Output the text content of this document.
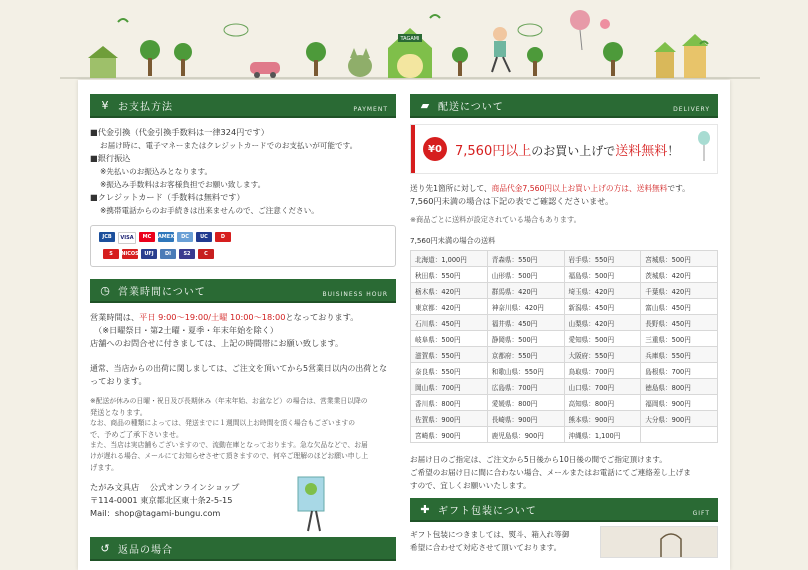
TAGAMI
¥ お支払方法	PAYMENT
■代金引換（代金引換手数料は一律324円です）
お届け時に、電子マネーまたはクレジットカードでのお支払いが可能です。
■銀行振込
※先払いのお振込みとなります。
※振込み手数料はお客様負担でお願い致します。
■クレジットカード（手数料は無料です）
※携帯電話からのお手続きは出来ませんので、ご注意ください。
JCB	VISA	MC	AMEX	DC	UC	D
S	NICOS	UFJ	DI	S2	C
◷ 営業時間について	BUISINESS HOUR
営業時間は、平日 9:00～19:00/土曜 10:00～18:00となっております。
（※日曜祭日・第2土曜・夏季・年末年始を除く）
店舗へのお問合せに付きましては、上記の時間帯にお願い致します。
通常、当店からの出荷に関しましては、ご注文を頂いてから5営業日以内の出荷とな
っております。
※配送が休みの日曜・祝日及び長期休み（年末年始、お盆など）の場合は、営業業日以降の
発送となります。
なお、商品の種類によっては、発送までに１週間以上お時間を頂く場合もございますの
で、予めご了承下さいませ。
また、当店は実店舗もございますので、流動在庫となっております。急な欠品などで、お届
けが遅れる場合、メールにてお知らせさせて頂きますので、何卒ご理解のほどお願い申し上
げます。
たがみ文具店　 公式オンラインショップ
〒114-0001 東京都北区東十条2-5-15
Mail：shop@tagami-bungu.com
↺ 返品の場合
▰ 配送について	DELIVERY
¥0	7,560円以上のお買い上げで送料無料！
送り先1箇所に対して、商品代金7,560円以上お買い上げの方は、送料無料です。
7,560円未満の場合は下記の表でご確認くださいませ。
※商品ごとに送料が設定されている場合もあります。
7,560円未満の場合の送料
北海道：1,000円	青森県：550円	岩手県：550円	宮城県：500円
秋田県：550円	山形県：500円	福島県：500円	茨城県：420円
栃木県：420円	群馬県：420円	埼玉県：420円	千葉県：420円
東京都：420円	神奈川県：420円	新潟県：450円	富山県：450円
石川県：450円	福井県：450円	山梨県：420円	長野県：450円
岐阜県：500円	静岡県：500円	愛知県：500円	三重県：500円
滋賀県：550円	京都府：550円	大阪府：550円	兵庫県：550円
奈良県：550円	和歌山県：550円	鳥取県：700円	島根県：700円
岡山県：700円	広島県：700円	山口県：700円	徳島県：800円
香川県：800円	愛媛県：800円	高知県：800円	福岡県：900円
佐賀県：900円	長崎県：900円	熊本県：900円	大分県：900円
宮崎県：900円	鹿児島県：900円	沖縄県：1,100円	
お届け日のご指定は、ご注文から5日後から10日後の間でご指定頂けます。
ご希望のお届け日に間に合わない場合、メールまたはお電話にてご連絡差し上げま
すので、宜しくお願いいたします。
✚ ギフト包装について	GIFT
ギフト包装につきましては、熨斗、箱入れ等御
希望に合わせて対応させて頂いております。
